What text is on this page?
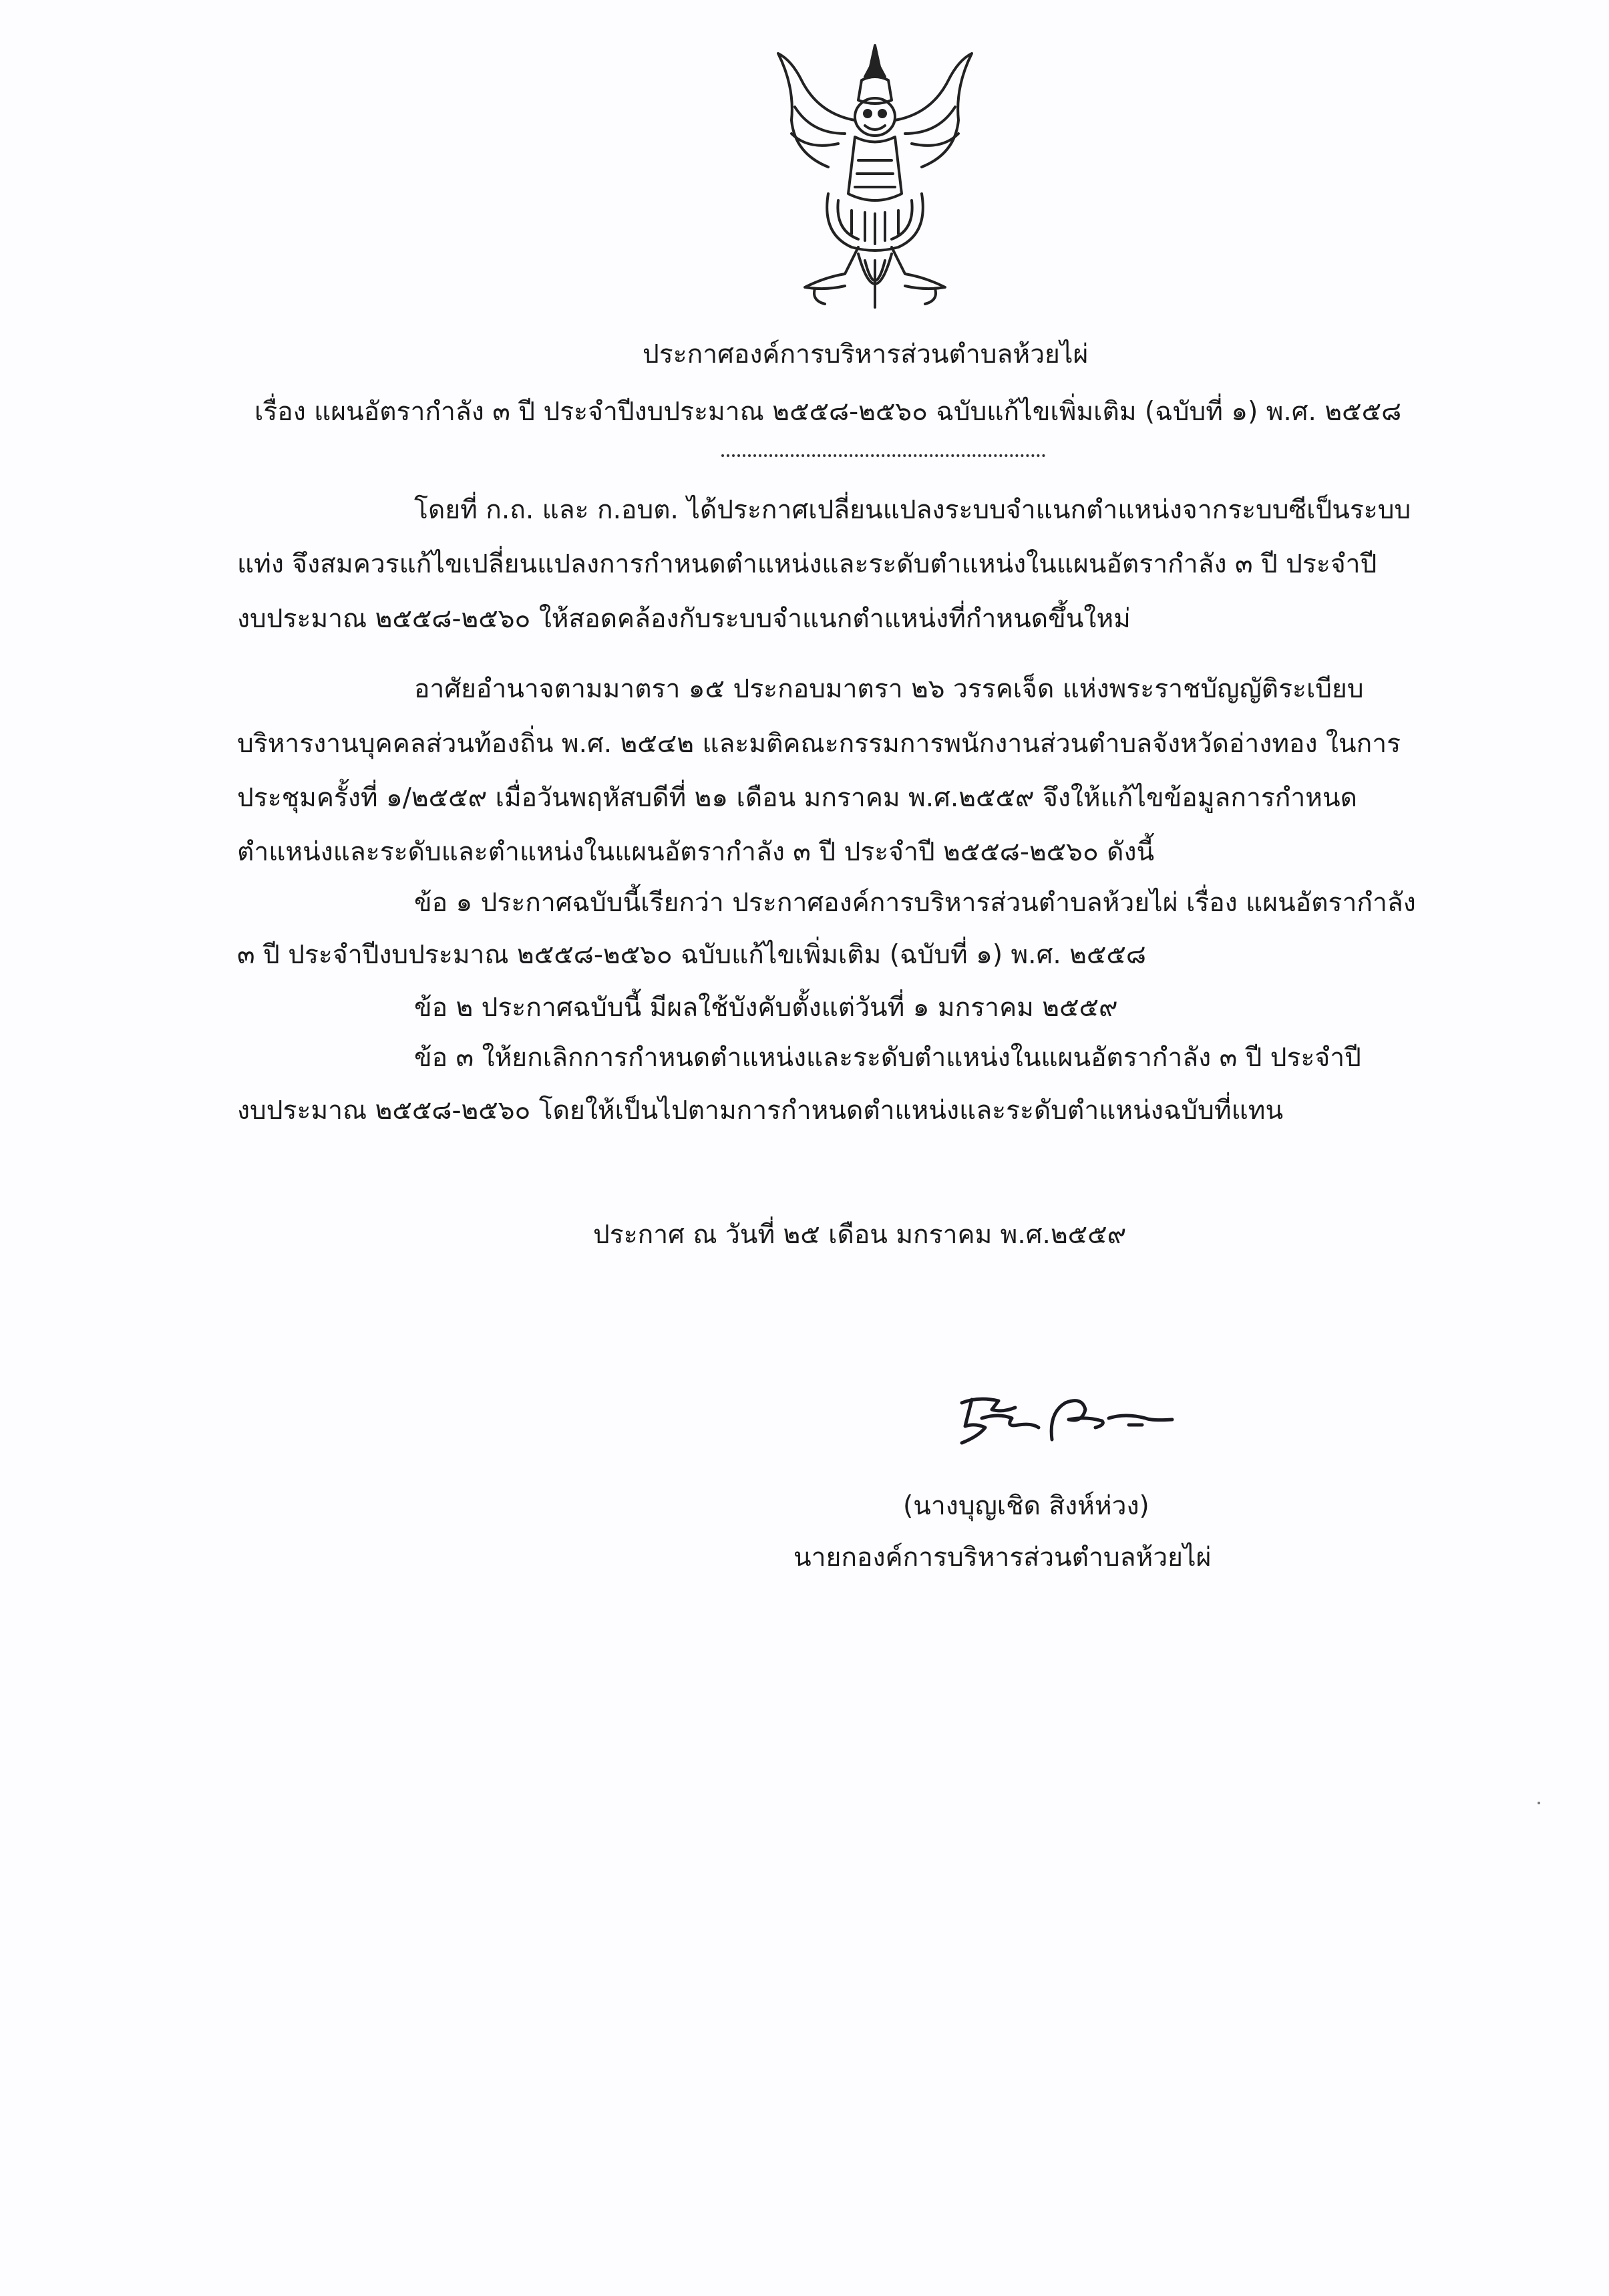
ประกาศองค์การบริหารส่วนตำบลห้วยไผ่
เรื่อง แผนอัตรากำลัง ๓ ปี ประจำปีงบประมาณ ๒๕๕๘-๒๕๖๐ ฉบับแก้ไขเพิ่มเติม (ฉบับที่ ๑) พ.ศ. ๒๕๕๘
โดยที่ ก.ถ. และ ก.อบต. ได้ประกาศเปลี่ยนแปลงระบบจำแนกตำแหน่งจากระบบซีเป็นระบบ
แท่ง จึงสมควรแก้ไขเปลี่ยนแปลงการกำหนดตำแหน่งและระดับตำแหน่งในแผนอัตรากำลัง ๓ ปี ประจำปี
งบประมาณ ๒๕๕๘-๒๕๖๐ ให้สอดคล้องกับระบบจำแนกตำแหน่งที่กำหนดขึ้นใหม่
อาศัยอำนาจตามมาตรา ๑๕ ประกอบมาตรา ๒๖ วรรคเจ็ด แห่งพระราชบัญญัติระเบียบ
บริหารงานบุคคลส่วนท้องถิ่น พ.ศ. ๒๕๔๒ และมติคณะกรรมการพนักงานส่วนตำบลจังหวัดอ่างทอง ในการ
ประชุมครั้งที่ ๑/๒๕๕๙ เมื่อวันพฤหัสบดีที่ ๒๑ เดือน มกราคม พ.ศ.๒๕๕๙ จึงให้แก้ไขข้อมูลการกำหนด
ตำแหน่งและระดับและตำแหน่งในแผนอัตรากำลัง ๓ ปี ประจำปี ๒๕๕๘-๒๕๖๐ ดังนี้
ข้อ ๑ ประกาศฉบับนี้เรียกว่า ประกาศองค์การบริหารส่วนตำบลห้วยไผ่ เรื่อง แผนอัตรากำลัง
๓ ปี ประจำปีงบประมาณ ๒๕๕๘-๒๕๖๐ ฉบับแก้ไขเพิ่มเติม (ฉบับที่ ๑) พ.ศ. ๒๕๕๘
ข้อ ๒ ประกาศฉบับนี้ มีผลใช้บังคับตั้งแต่วันที่ ๑ มกราคม ๒๕๕๙
ข้อ ๓ ให้ยกเลิกการกำหนดตำแหน่งและระดับตำแหน่งในแผนอัตรากำลัง ๓ ปี ประจำปี
งบประมาณ ๒๕๕๘-๒๕๖๐ โดยให้เป็นไปตามการกำหนดตำแหน่งและระดับตำแหน่งฉบับที่แทน
ประกาศ ณ วันที่ ๒๕ เดือน มกราคม พ.ศ.๒๕๕๙
(นางบุญเชิด สิงห์ห่วง)
นายกองค์การบริหารส่วนตำบลห้วยไผ่
